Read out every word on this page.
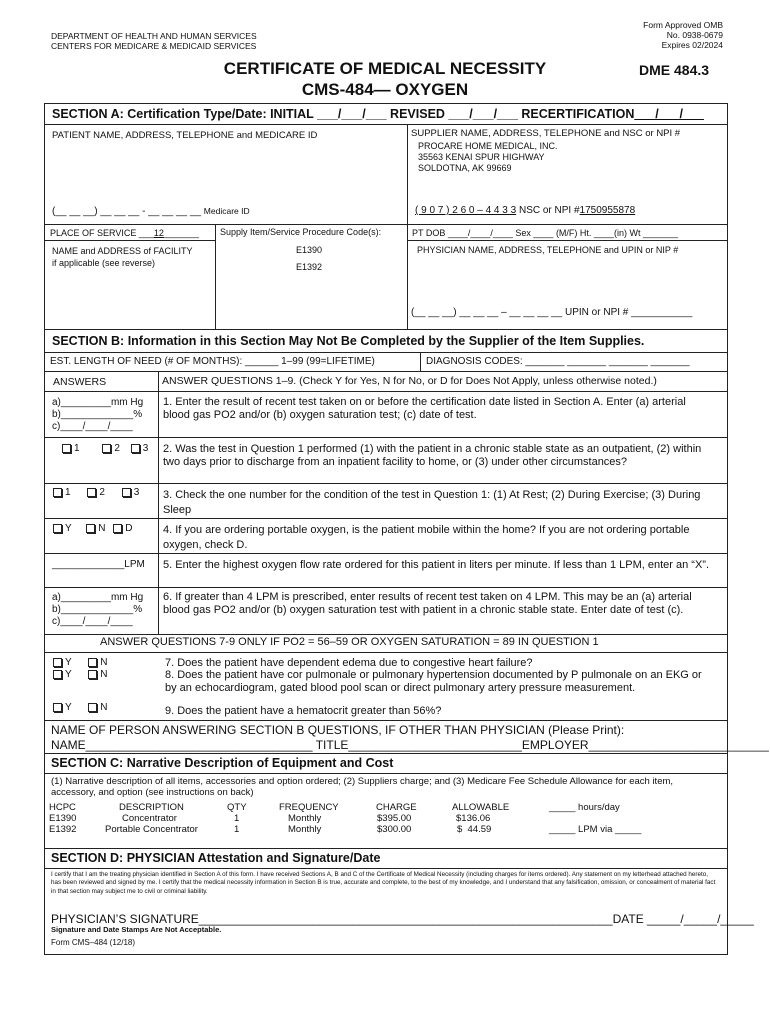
DEPARTMENT OF HEALTH AND HUMAN SERVICES
CENTERS FOR MEDICARE & MEDICAID SERVICES
Form Approved OMB
No. 0938-0679
Expires 02/2024
CERTIFICATE OF MEDICAL NECESSITY
CMS-484— OXYGEN
DME 484.3
SECTION A: Certification Type/Date: INITIAL ___/___/___ REVISED ___/___/___ RECERTIFICATION___/___/___
PATIENT NAME, ADDRESS, TELEPHONE and MEDICARE ID	SUPPLIER NAME, ADDRESS, TELEPHONE and NSC or NPI #
PROCARE HOME MEDICAL, INC.
35563 KENAI SPUR HIGHWAY
SOLDOTNA, AK 99669
(__ __ __) __ __ __ - __ __ __ __ Medicare ID	( 9 0 7 ) 2 6 0 – 4 4 3 3 NSC or NPI #1750955878
PLACE OF SERVICE ___12_______ Supply Item/Service Procedure Code(s):	PT DOB ____/____/____ Sex ____ (M/F) Ht. ____(in) Wt _______
E1390
E1392
NAME and ADDRESS of FACILITY
if applicable (see reverse)
PHYSICIAN NAME, ADDRESS, TELEPHONE and UPIN or NIP #
(__ __ __) __ __ __ – __ __ __ __ UPIN or NPI # ___________
SECTION B: Information in this Section May Not Be Completed by the Supplier of the Item Supplies.
EST. LENGTH OF NEED (# OF MONTHS): ______ 1–99 (99=LIFETIME)	DIAGNOSIS CODES: _______ _______ _______ _______
ANSWERS	ANSWER QUESTIONS 1–9. (Check Y for Yes, N for No, or D for Does Not Apply, unless otherwise noted.)
a)_________mm Hg
b)_____________%
c)____/____/____
1. Enter the result of recent test taken on or before the certification date listed in Section A. Enter (a) arterial blood gas PO2 and/or (b) oxygen saturation test; (c) date of test.
1	2 3 2. Was the test in Question 1 performed (1) with the patient in a chronic stable state as an outpatient, (2) within two days prior to discharge from an inpatient facility to home, or (3) under other circumstances?
1	2	3 3. Check the one number for the condition of the test in Question 1: (1) At Rest; (2) During Exercise; (3) During Sleep
Y	N D	4. If you are ordering portable oxygen, is the patient mobile within the home? If you are not ordering portable oxygen, check D.
_____________LPM 5. Enter the highest oxygen flow rate ordered for this patient in liters per minute. If less than 1 LPM, enter an “X”.
a)_________mm Hg
b)_____________%
c)____/____/____
6. If greater than 4 LPM is prescribed, enter results of recent test taken on 4 LPM. This may be an (a) arterial blood gas PO2 and/or (b) oxygen saturation test with patient in a chronic stable state. Enter date of test (c).
ANSWER QUESTIONS 7-9 ONLY IF PO2 = 56–59 OR OXYGEN SATURATION = 89 IN QUESTION 1
Y	N	7. Does the patient have dependent edema due to congestive heart failure?
Y	N	8. Does the patient have cor pulmonale or pulmonary hypertension documented by P pulmonale on an EKG or by an echocardiogram, gated blood pool scan or direct pulmonary artery pressure measurement.
Y	N	9. Does the patient have a hematocrit greater than 56%?
NAME OF PERSON ANSWERING SECTION B QUESTIONS, IF OTHER THAN PHYSICIAN (Please Print):
NAME__________________________________ TITLE__________________________EMPLOYER___________________________
SECTION C: Narrative Description of Equipment and Cost
(1) Narrative description of all items, accessories and option ordered; (2) Suppliers charge; and (3) Medicare Fee Schedule Allowance for each item, accessory, and option (see instructions on back)
HCPC	DESCRIPTION	QTY	FREQUENCY	CHARGE	ALLOWABLE	_____ hours/day
E1390	Concentrator	1	Monthly	$395.00	$136.06
E1392	Portable Concentrator	1	Monthly	$300.00	$  44.59	_____ LPM via _____
SECTION D: PHYSICIAN Attestation and Signature/Date
I certify that I am the treating physician identified in Section A of this form. I have received Sections A, B and C of the Certificate of Medical Necessity (including charges for items ordered). Any statement on my letterhead attached hereto, has been reviewed and signed by me. I certify that the medical necessity information in Section B is true, accurate and complete, to the best of my knowledge, and I understand that any falsification, omission, or concealment of material fact in that section may subject me to civil or criminal liability.
PHYSICIAN’S SIGNATURE______________________________________________________________DATE _____/_____/_____
Signature and Date Stamps Are Not Acceptable.
Form CMS–484 (12/18)
